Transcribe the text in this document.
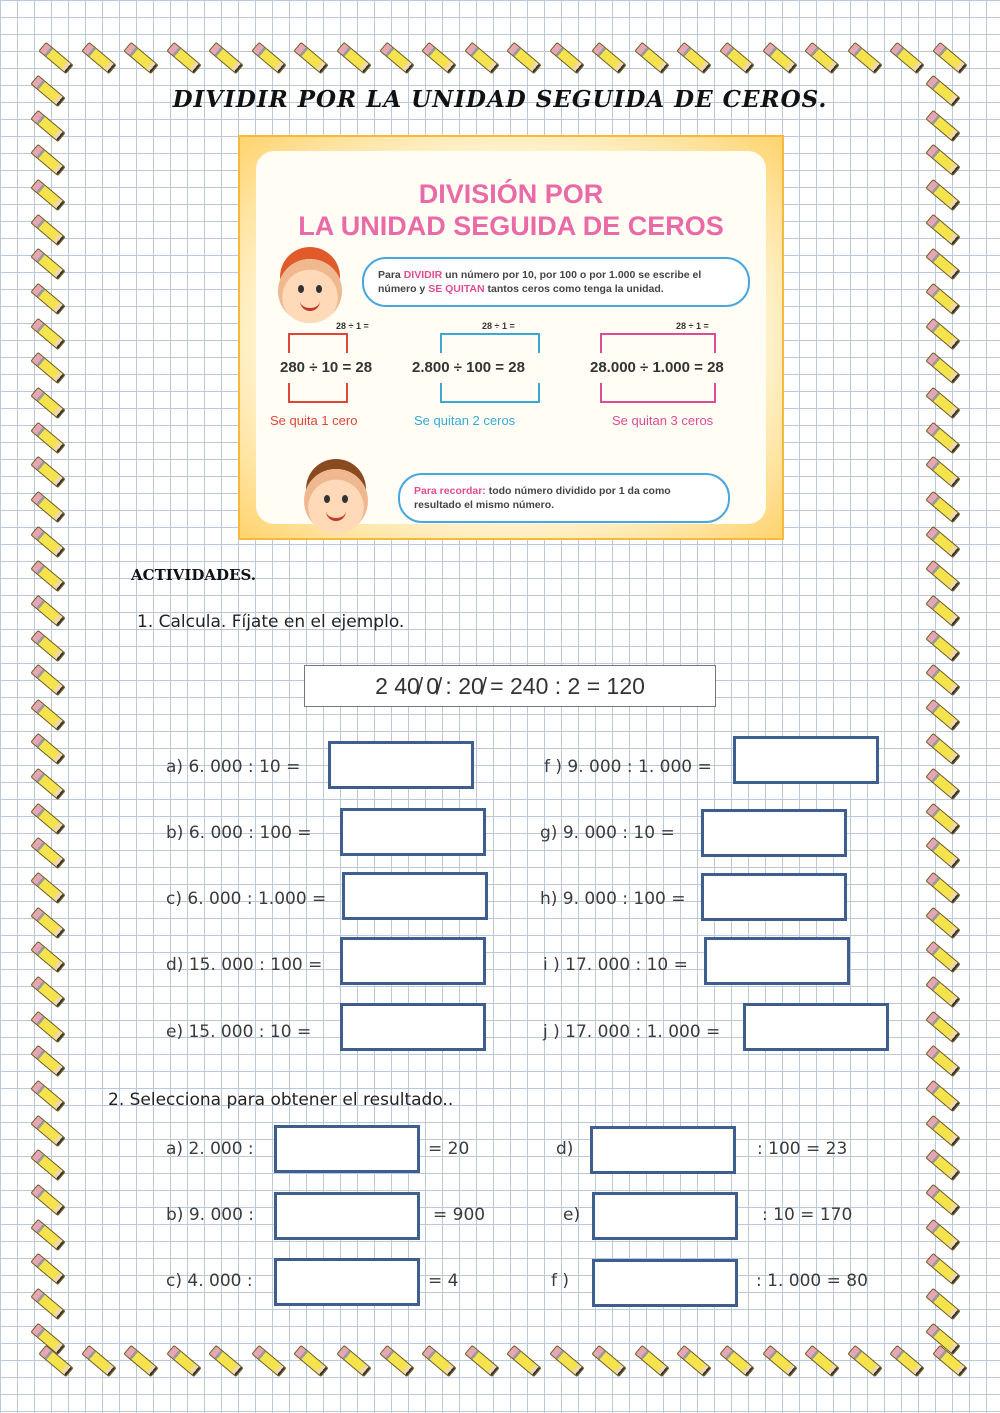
DIVIDIR POR LA UNIDAD SEGUIDA DE CEROS.
DIVISIÓN POR
LA UNIDAD SEGUIDA DE CEROS
Para DIVIDIR un número por 10, por 100 o por 1.000 se escribe el número y SE QUITAN tantos ceros como tenga la unidad.
28 ÷ 1 =
280 ÷ 10 = 28
Se quita 1 cero
28 ÷ 1 =
2.800 ÷ 100 = 28
Se quitan 2 ceros
28 ÷ 1 =
28.000 ÷ 1.000 = 28
Se quitan 3 ceros
Para recordar: todo número dividido por 1 da como resultado el mismo número.
ACTIVIDADES.
1. Calcula. Fíjate en el ejemplo.
2 40̸ 0̸ : 20̸ = 240 : 2 = 120
a) 6. 000 : 10 =
b) 6. 000 : 100 =
c) 6. 000 : 1.000 =
d) 15. 000 : 100 =
e) 15. 000 : 10 =
f ) 9. 000 : 1. 000 =
g) 9. 000 : 10 =
h) 9. 000 : 100 =
i ) 17. 000 : 10 =
j ) 17. 000 : 1. 000 =
2. Selecciona para obtener el resultado..
a) 2. 000 :	= 20
b) 9. 000 :	= 900
c) 4. 000 :	= 4
d)	: 100 = 23
e)	: 10 = 170
f )	: 1. 000 = 80
